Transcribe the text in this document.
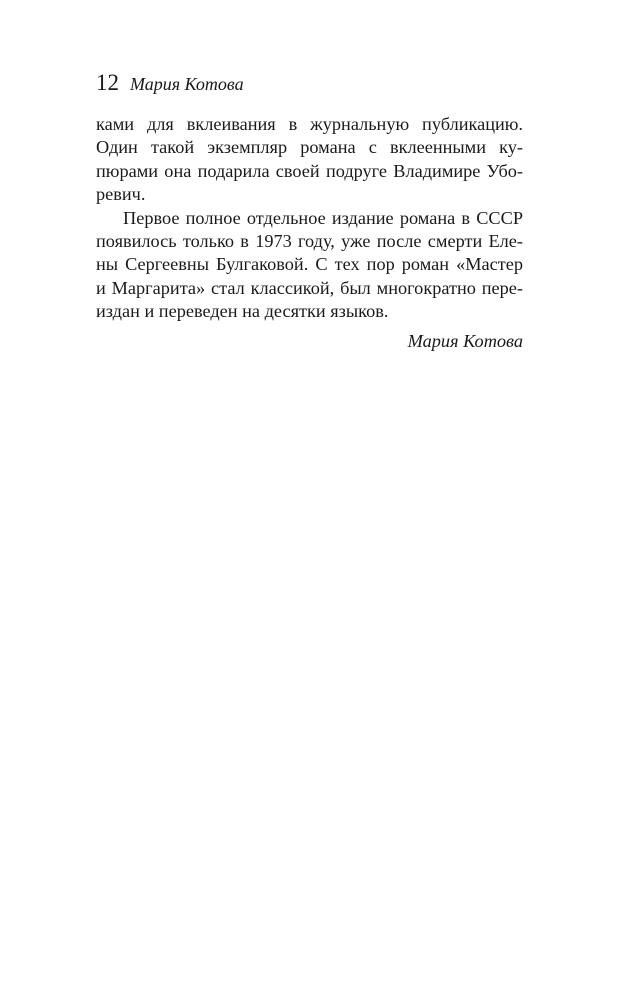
12 Мария Котова
ками для вклеивания в журнальную публикацию.
Один такой экземпляр романа с вклеенными ку-
пюрами она подарила своей подруге Владимире Убо-
ревич.
Первое полное отдельное издание романа в СССР
появилось только в 1973 году, уже после смерти Еле-
ны Сергеевны Булгаковой. С тех пор роман «Мастер
и Маргарита» стал классикой, был многократно пере-
издан и переведен на десятки языков.
Мария Котова
